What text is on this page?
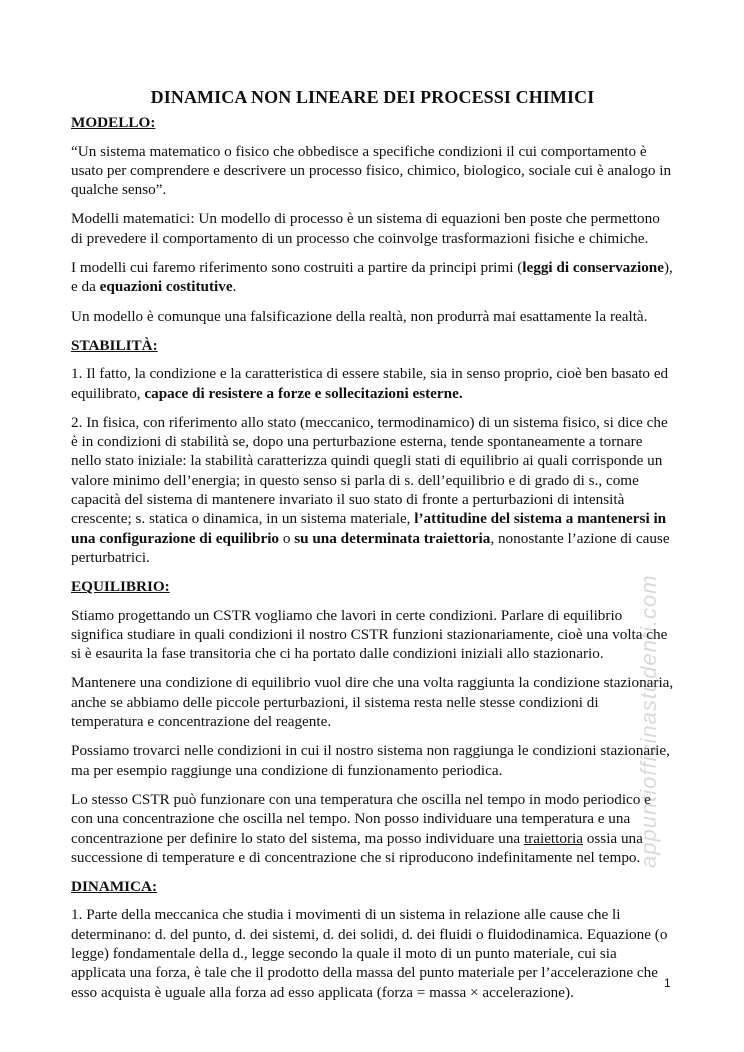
DINAMICA NON LINEARE DEI PROCESSI CHIMICI
MODELLO:

“Un sistema matematico o fisico che obbedisce a specifiche condizioni il cui comportamento è usato per comprendere e descrivere un processo fisico, chimico, biologico, sociale cui è analogo in qualche senso”.

Modelli matematici: Un modello di processo è un sistema di equazioni ben poste che permettono di prevedere il comportamento di un processo che coinvolge trasformazioni fisiche e chimiche.

I modelli cui faremo riferimento sono costruiti a partire da principi primi (leggi di conservazione), e da equazioni costitutive.

Un modello è comunque una falsificazione della realtà, non produrrà mai esattamente la realtà.

STABILITÀ:

1. Il fatto, la condizione e la caratteristica di essere stabile, sia in senso proprio, cioè ben basato ed equilibrato, capace di resistere a forze e sollecitazioni esterne.

2. In fisica, con riferimento allo stato (meccanico, termodinamico) di un sistema fisico, si dice che è in condizioni di stabilità se, dopo una perturbazione esterna, tende spontaneamente a tornare nello stato iniziale: la stabilità caratterizza quindi quegli stati di equilibrio ai quali corrisponde un valore minimo dell’energia; in questo senso si parla di s. dell’equilibrio e di grado di s., come capacità del sistema di mantenere invariato il suo stato di fronte a perturbazioni di intensità crescente; s. statica o dinamica, in un sistema materiale, l’attitudine del sistema a mantenersi in una configurazione di equilibrio o su una determinata traiettoria, nonostante l’azione di cause perturbatrici.

EQUILIBRIO:

Stiamo progettando un CSTR vogliamo che lavori in certe condizioni. Parlare di equilibrio significa studiare in quali condizioni il nostro CSTR funzioni stazionariamente, cioè una volta che si è esaurita la fase transitoria che ci ha portato dalle condizioni iniziali allo stazionario.

Mantenere una condizione di equilibrio vuol dire che una volta raggiunta la condizione stazionaria, anche se abbiamo delle piccole perturbazioni, il sistema resta nelle stesse condizioni di temperatura e concentrazione del reagente.

Possiamo trovarci nelle condizioni in cui il nostro sistema non raggiunga le condizioni stazionarie, ma per esempio raggiunge una condizione di funzionamento periodica.

Lo stesso CSTR può funzionare con una temperatura che oscilla nel tempo in modo periodico e con una concentrazione che oscilla nel tempo. Non posso individuare una temperatura e una concentrazione per definire lo stato del sistema, ma posso individuare una traiettoria ossia una successione di temperature e di concentrazione che si riproducono indefinitamente nel tempo.

DINAMICA:

1. Parte della meccanica che studia i movimenti di un sistema in relazione alle cause che li determinano: d. del punto, d. dei sistemi, d. dei solidi, d. dei fluidi o fluidodinamica. Equazione (o legge) fondamentale della d., legge secondo la quale il moto di un punto materiale, cui sia applicata una forza, è tale che il prodotto della massa del punto materiale per l’accelerazione che esso acquista è uguale alla forza ad esso applicata (forza = massa × accelerazione).

appuntiofficinastudenti.com
1
